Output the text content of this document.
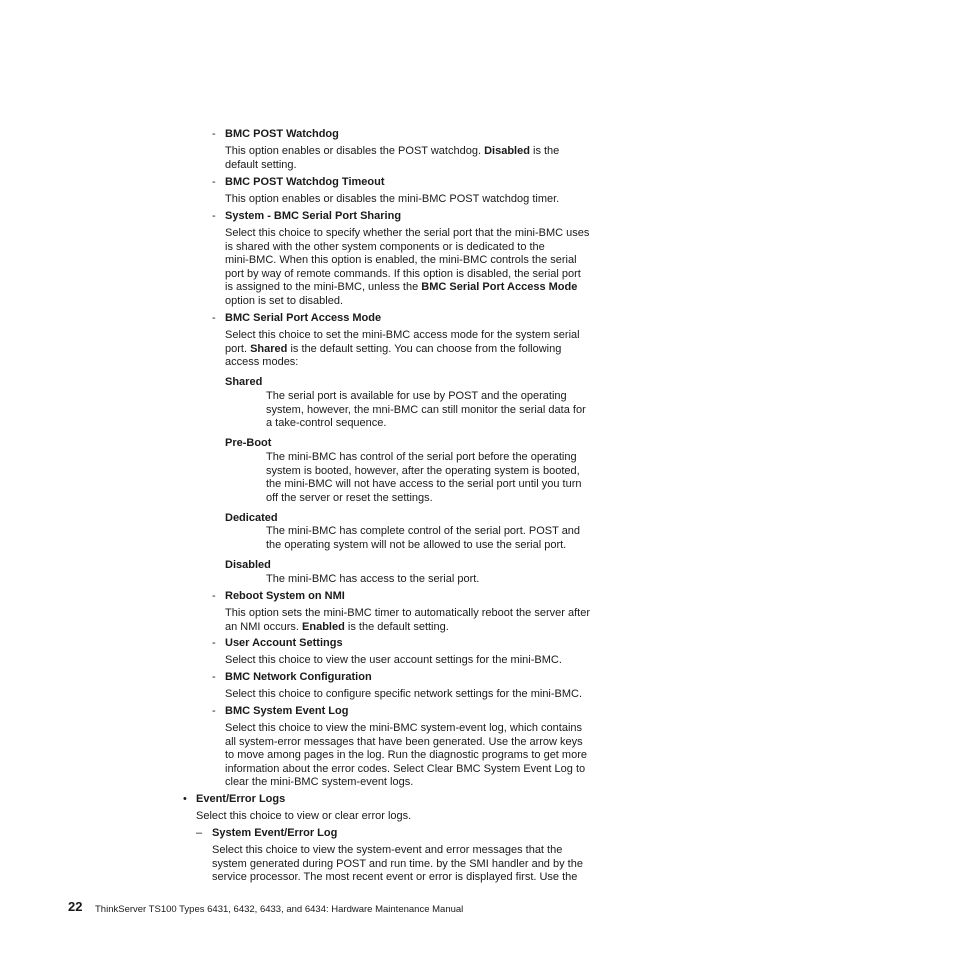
- BMC POST Watchdog
This option enables or disables the POST watchdog. Disabled is the
default setting.
- BMC POST Watchdog Timeout
This option enables or disables the mini-BMC POST watchdog timer.
- System - BMC Serial Port Sharing
Select this choice to specify whether the serial port that the mini-BMC uses
is shared with the other system components or is dedicated to the
mini-BMC. When this option is enabled, the mini-BMC controls the serial
port by way of remote commands. If this option is disabled, the serial port
is assigned to the mini-BMC, unless the BMC Serial Port Access Mode
option is set to disabled.
- BMC Serial Port Access Mode
Select this choice to set the mini-BMC access mode for the system serial
port. Shared is the default setting. You can choose from the following
access modes:
Shared
The serial port is available for use by POST and the operating
system, however, the mni-BMC can still monitor the serial data for
a take-control sequence.
Pre-Boot
The mini-BMC has control of the serial port before the operating
system is booted, however, after the operating system is booted,
the mini-BMC will not have access to the serial port until you turn
off the server or reset the settings.
Dedicated
The mini-BMC has complete control of the serial port. POST and
the operating system will not be allowed to use the serial port.
Disabled
The mini-BMC has access to the serial port.
- Reboot System on NMI
This option sets the mini-BMC timer to automatically reboot the server after
an NMI occurs. Enabled is the default setting.
- User Account Settings
Select this choice to view the user account settings for the mini-BMC.
- BMC Network Configuration
Select this choice to configure specific network settings for the mini-BMC.
- BMC System Event Log
Select this choice to view the mini-BMC system-event log, which contains
all system-error messages that have been generated. Use the arrow keys
to move among pages in the log. Run the diagnostic programs to get more
information about the error codes. Select Clear BMC System Event Log to
clear the mini-BMC system-event logs.
• Event/Error Logs
Select this choice to view or clear error logs.
– System Event/Error Log
Select this choice to view the system-event and error messages that the
system generated during POST and run time. by the SMI handler and by the
service processor. The most recent event or error is displayed first. Use the
22 ThinkServer TS100 Types 6431, 6432, 6433, and 6434: Hardware Maintenance Manual
